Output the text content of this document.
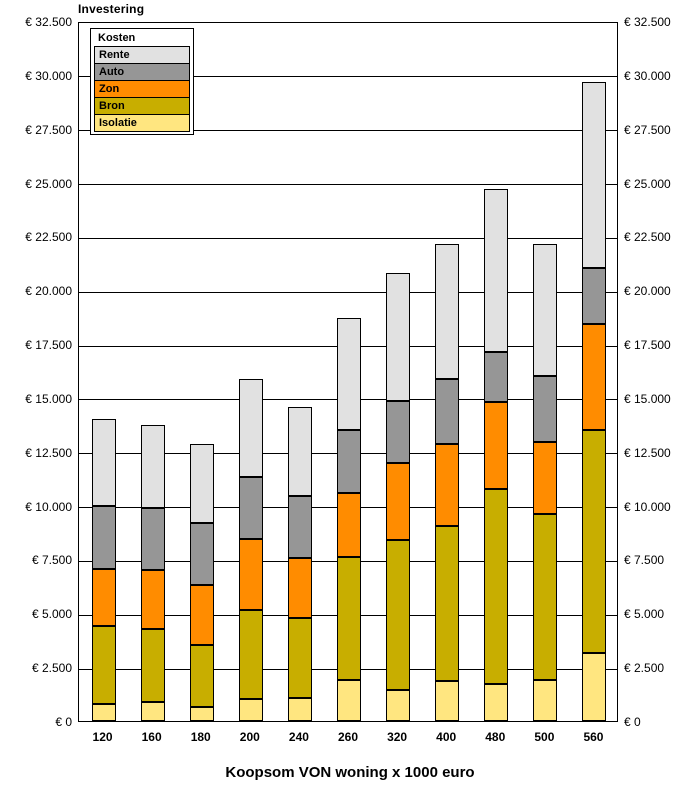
Investering
€ 0
€ 2.500
€ 5.000
€ 7.500
€ 10.000
€ 12.500
€ 15.000
€ 17.500
€ 20.000
€ 22.500
€ 25.000
€ 27.500
€ 30.000
€ 32.500
€ 0
€ 2.500
€ 5.000
€ 7.500
€ 10.000
€ 12.500
€ 15.000
€ 17.500
€ 20.000
€ 22.500
€ 25.000
€ 27.500
€ 30.000
€ 32.500
120	160	180	200	240	260	320	400	480	500	560
Koopsom VON woning x 1000 euro
Kosten
Rente
Auto
Zon
Bron
Isolatie
